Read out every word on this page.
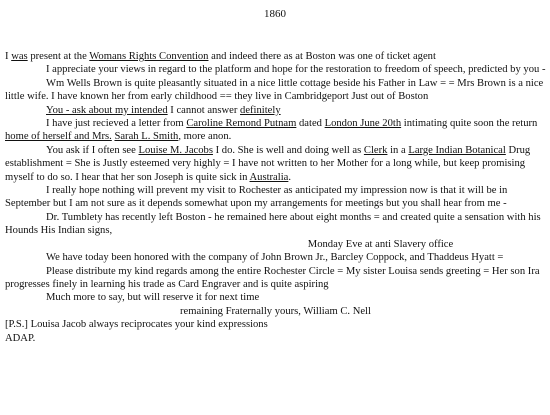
1860

I was present at the Womans Rights Convention and indeed there as at Boston was one of ticket agent

I appreciate your views in regard to the platform and hope for the restoration to freedom of speech, predicted by you -

Wm Wells Brown is quite pleasantly situated in a nice little cottage beside his Father in Law = = Mrs Brown is a nice little wife. I have known her from early childhood == they live in Cambridgeport Just out of Boston

You - ask about my intended I cannot answer definitely

I have just recieved a letter from Caroline Remond Putnam dated London June 20th intimating quite soon the return home of herself and Mrs. Sarah L. Smith, more anon.

You ask if I often see Louise M. Jacobs I do. She is well and doing well as Clerk in a Large Indian Botanical Drug establishment = She is Justly esteemed very highly = I have not written to her Mother for a long while, but keep promising myself to do so. I hear that her son Joseph is quite sick in Australia.

I really hope nothing will prevent my visit to Rochester as anticipated my impression now is that it will be in September but I am not sure as it depends somewhat upon my arrangements for meetings but you shall hear from me -

Dr. Tumblety has recently left Boston - he remained here about eight months = and created quite a sensation with his Hounds His Indian signs,

Monday Eve at anti Slavery office

We have today been honored with the company of John Brown Jr., Barcley Coppock, and Thaddeus Hyatt =

Please distribute my kind regards among the entire Rochester Circle = My sister Louisa sends greeting = Her son Ira progresses finely in learning his trade as Card Engraver and is quite aspiring

Much more to say, but will reserve it for next time

remaining Fraternally yours, William C. Nell

[P.S.] Louisa Jacob always reciprocates your kind expressions

ADAP.
